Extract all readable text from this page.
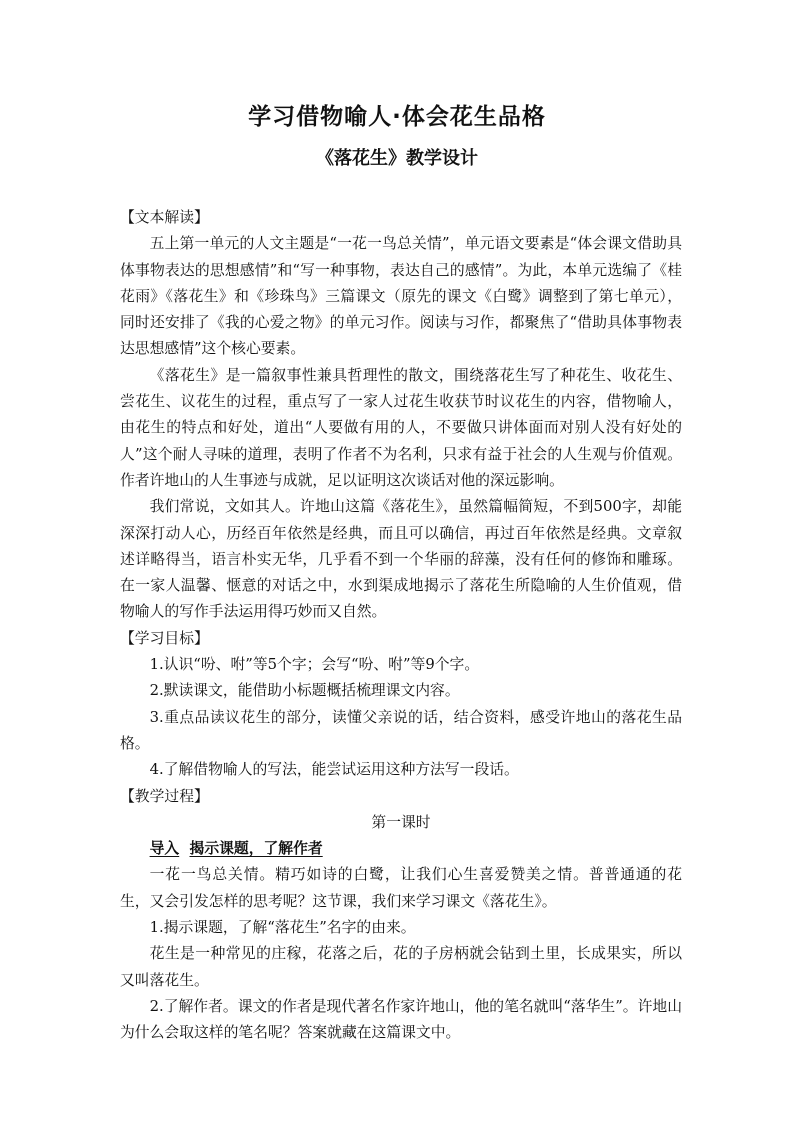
学习借物喻人·体会花生品格
《落花生》教学设计

【文本解读】

五上第一单元的人文主题是“一花一鸟总关情”，单元语文要素是“体会课文借助具体事物表达的思想感情”和“写一种事物，表达自己的感情”。为此，本单元选编了《桂花雨》《落花生》和《珍珠鸟》三篇课文（原先的课文《白鹭》调整到了第七单元），同时还安排了《我的心爱之物》的单元习作。阅读与习作，都聚焦了“借助具体事物表达思想感情”这个核心要素。

《落花生》是一篇叙事性兼具哲理性的散文，围绕落花生写了种花生、收花生、尝花生、议花生的过程，重点写了一家人过花生收获节时议花生的内容，借物喻人，由花生的特点和好处，道出“人要做有用的人，不要做只讲体面而对别人没有好处的人”这个耐人寻味的道理，表明了作者不为名利，只求有益于社会的人生观与价值观。作者许地山的人生事迹与成就，足以证明这次谈话对他的深远影响。

我们常说，文如其人。许地山这篇《落花生》，虽然篇幅简短，不到500字，却能深深打动人心，历经百年依然是经典，而且可以确信，再过百年依然是经典。文章叙述详略得当，语言朴实无华，几乎看不到一个华丽的辞藻，没有任何的修饰和雕琢。在一家人温馨、惬意的对话之中，水到渠成地揭示了落花生所隐喻的人生价值观，借物喻人的写作手法运用得巧妙而又自然。

【学习目标】

1.认识“吩、咐”等5个字；会写“吩、咐”等9个字。

2.默读课文，能借助小标题概括梳理课文内容。

3.重点品读议花生的部分，读懂父亲说的话，结合资料，感受许地山的落花生品格。

4.了解借物喻人的写法，能尝试运用这种方法写一段话。

【教学过程】

第一课时

导入 揭示课题，了解作者

一花一鸟总关情。精巧如诗的白鹭，让我们心生喜爱赞美之情。普普通通的花生，又会引发怎样的思考呢？这节课，我们来学习课文《落花生》。

1.揭示课题，了解“落花生”名字的由来。

花生是一种常见的庄稼，花落之后，花的子房柄就会钻到土里，长成果实，所以又叫落花生。

2.了解作者。课文的作者是现代著名作家许地山，他的笔名就叫“落华生”。许地山为什么会取这样的笔名呢？答案就藏在这篇课文中。
